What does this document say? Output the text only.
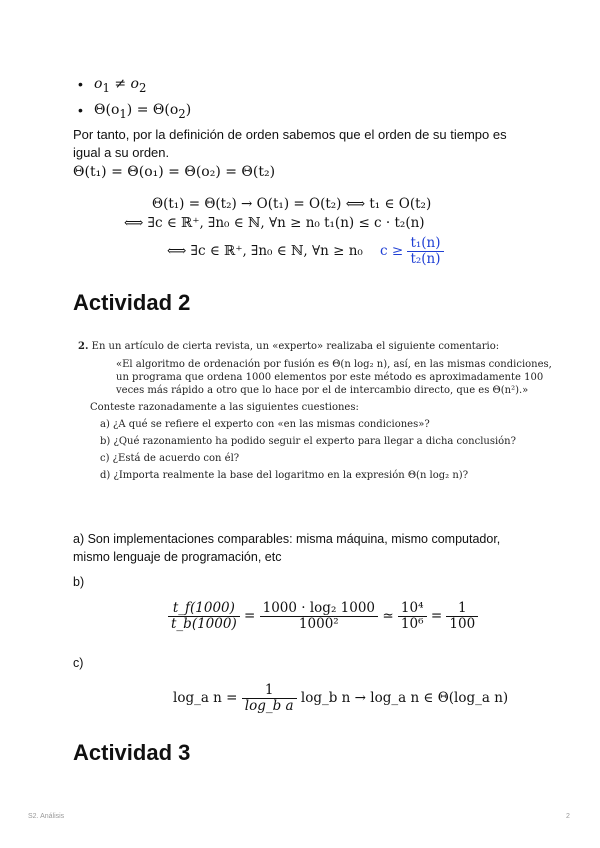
• $o_1 \ne o_2$
• $\Theta(o_1) = \Theta(o_2)$
Por tanto, por la definición de orden sabemos que el orden de su tiempo es igual a su orden.
Θ(t₁) = Θ(o₁) = Θ(o₂) = Θ(t₂)
Θ(t₁) = Θ(t₂) → O(t₁) = O(t₂) ⟺ t₁ ∈ O(t₂)
⟺ ∃c ∈ ℝ⁺, ∃n₀ ∈ ℕ, ∀n ≥ n₀ t₁(n) ≤ c · t₂(n)
⟺ ∃c ∈ ℝ⁺, ∃n₀ ∈ ℕ, ∀n ≥ n₀ $c \ge \frac{\text{t₁(n)}}{\text{t₂(n)}}$
Actividad 2
2. En un artículo de cierta revista, un «experto» realizaba el siguiente comentario:
«El algoritmo de ordenación por fusión es Θ(n log₂ n), así, en las mismas condiciones,
un programa que ordena 1000 elementos por este método es aproximadamente 100
veces más rápido a otro que lo hace por el de intercambio directo, que es Θ(n²).»
Conteste razonadamente a las siguientes cuestiones:
a) ¿A qué se refiere el experto con «en las mismas condiciones»?
b) ¿Qué razonamiento ha podido seguir el experto para llegar a dicha conclusión?
c) ¿Está de acuerdo con él?
d) ¿Importa realmente la base del logaritmo en la expresión Θ(n log₂ n)?
a) Son implementaciones comparables: misma máquina, mismo computador, mismo lenguaje de programación, etc
b)
$\frac{t\_f(1000)}{t\_b(1000)} = \frac{\text{1000 · log₂ 1000}}{\text{1000²}}$ ≃ $\frac{\text{10⁴}}{\text{10⁶}} = \frac{1}{100}$
c)
log_a $n = \frac{1}{\text{log\_b a}}$ log_b n → log_a n ∈ Θ(log_a n)
Actividad 3
S2. Análisis	2
